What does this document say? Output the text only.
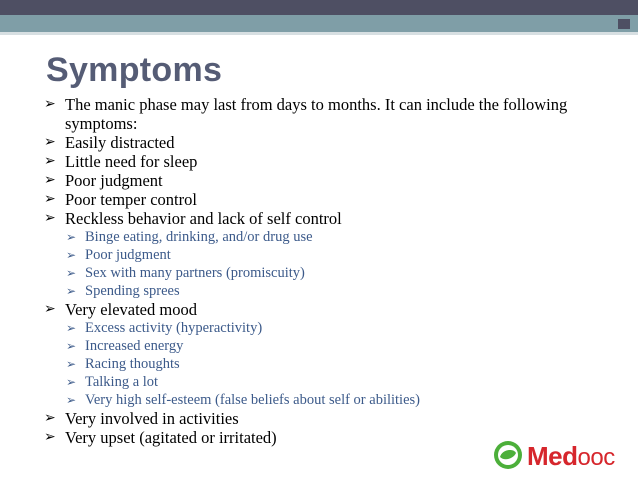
Symptoms
➢ The manic phase may last from days to months. It can include the following symptoms:
➢ Easily distracted
➢ Little need for sleep
➢ Poor judgment
➢ Poor temper control
➢ Reckless behavior and lack of self control
➢ Binge eating, drinking, and/or drug use
➢ Poor judgment
➢ Sex with many partners (promiscuity)
➢ Spending sprees
➢ Very elevated mood
➢ Excess activity (hyperactivity)
➢ Increased energy
➢ Racing thoughts
➢ Talking a lot
➢ Very high self-esteem (false beliefs about self or abilities)
➢ Very involved in activities
➢ Very upset (agitated or irritated)
Medooc
